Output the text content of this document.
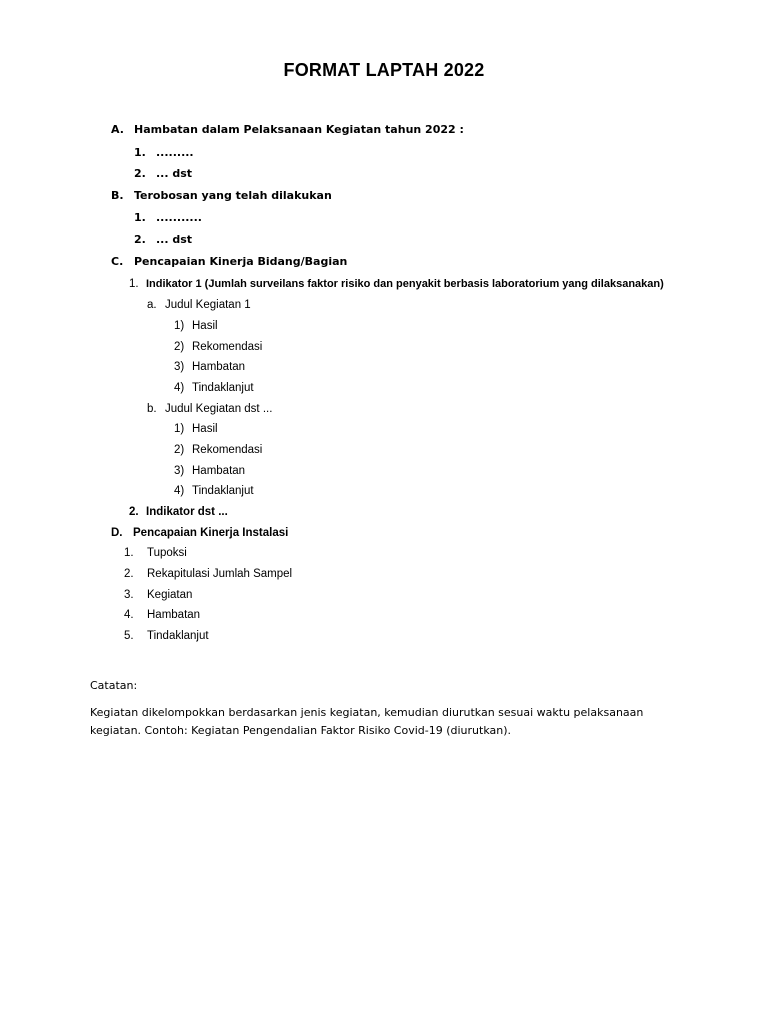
FORMAT LAPTAH 2022
A. Hambatan dalam Pelaksanaan Kegiatan tahun 2022 :
1. .........
2. ... dst
B. Terobosan yang telah dilakukan
1. ...........
2. ... dst
C. Pencapaian Kinerja Bidang/Bagian
1. Indikator 1 (Jumlah surveilans faktor risiko dan penyakit berbasis laboratorium yang dilaksanakan)
a. Judul Kegiatan 1
1) Hasil
2) Rekomendasi
3) Hambatan
4) Tindaklanjut
b. Judul Kegiatan dst ...
1) Hasil
2) Rekomendasi
3) Hambatan
4) Tindaklanjut
2. Indikator dst ...
D. Pencapaian Kinerja Instalasi
1. Tupoksi
2. Rekapitulasi Jumlah Sampel
3. Kegiatan
4. Hambatan
5. Tindaklanjut
Catatan:
Kegiatan dikelompokkan berdasarkan jenis kegiatan, kemudian diurutkan sesuai waktu pelaksanaan
kegiatan. Contoh: Kegiatan Pengendalian Faktor Risiko Covid-19 (diurutkan).
